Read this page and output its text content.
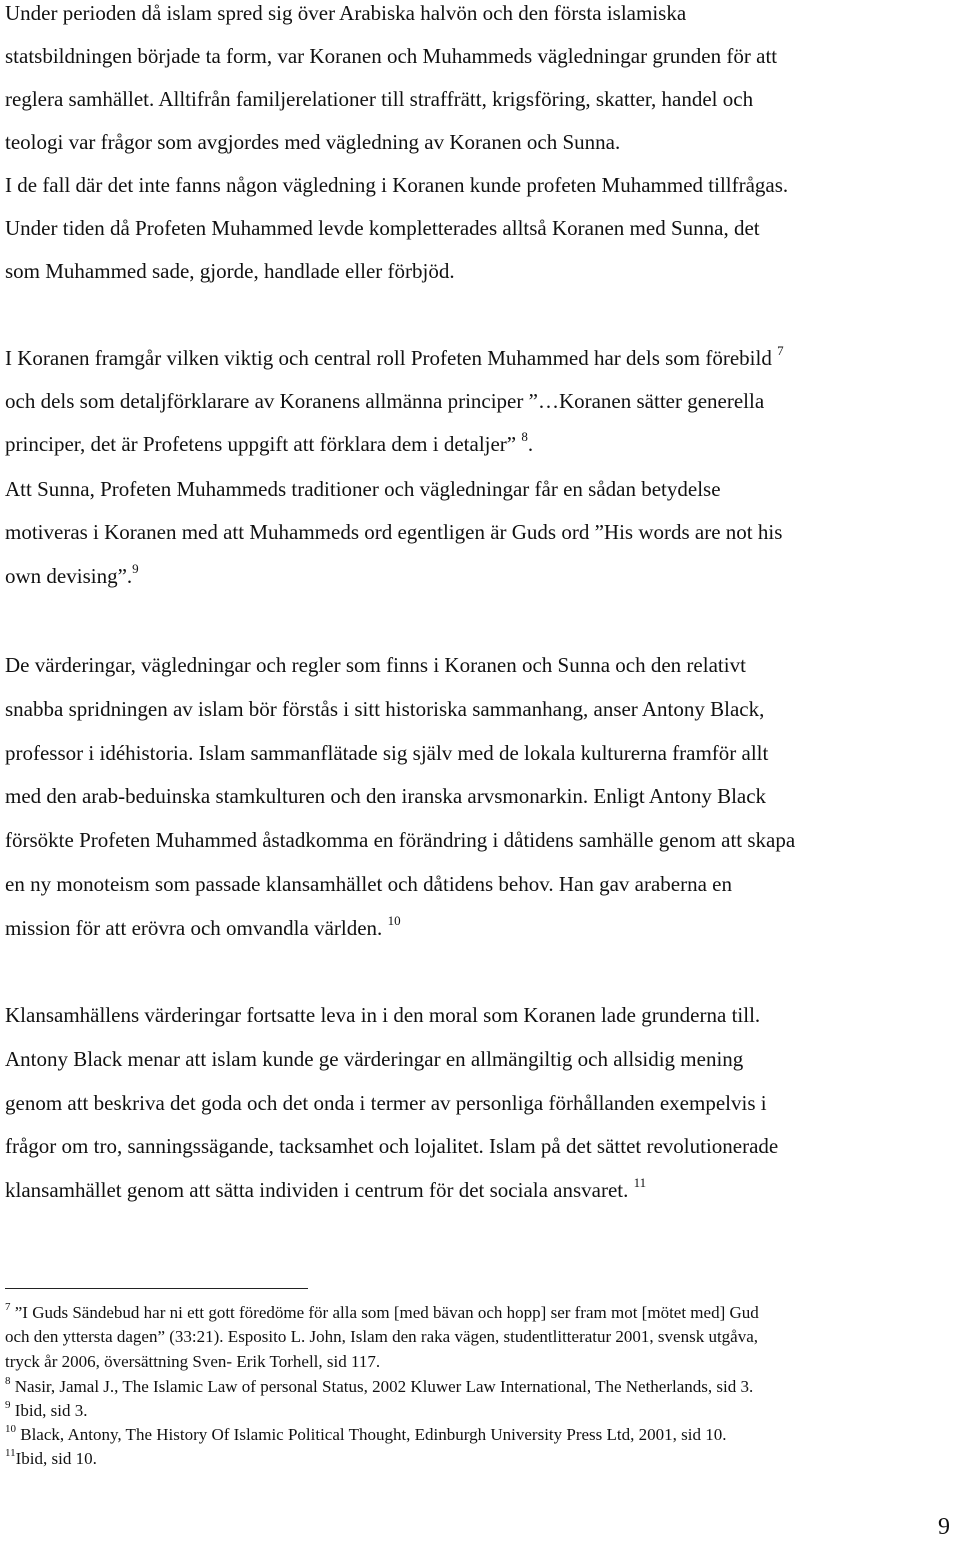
Under perioden då islam spred sig över Arabiska halvön och den första islamiska
statsbildningen började ta form, var Koranen och Muhammeds vägledningar grunden för att
reglera samhället. Alltifrån familjerelationer till straffrätt, krigsföring, skatter, handel och
teologi var frågor som avgjordes med vägledning av Koranen och Sunna.
I de fall där det inte fanns någon vägledning i Koranen kunde profeten Muhammed tillfrågas.
Under tiden då Profeten Muhammed levde kompletterades alltså Koranen med Sunna, det
som Muhammed sade, gjorde, handlade eller förbjöd.
I Koranen framgår vilken viktig och central roll Profeten Muhammed har dels som förebild $^7$
och dels som detaljförklarare av Koranens allmänna principer ”…Koranen sätter generella
principer, det är Profetens uppgift att förklara dem i detaljer” $^8$.
Att Sunna, Profeten Muhammeds traditioner och vägledningar får en sådan betydelse
motiveras i Koranen med att Muhammeds ord egentligen är Guds ord ”His words are not his
own devising”.$^9$
De värderingar, vägledningar och regler som finns i Koranen och Sunna och den relativt
snabba spridningen av islam bör förstås i sitt historiska sammanhang, anser Antony Black,
professor i idéhistoria. Islam sammanflätade sig själv med de lokala kulturerna framför allt
med den arab-beduinska stamkulturen och den iranska arvsmonarkin. Enligt Antony Black
försökte Profeten Muhammed åstadkomma en förändring i dåtidens samhälle genom att skapa
en ny monoteism som passade klansamhället och dåtidens behov. Han gav araberna en
mission för att erövra och omvandla världen. $^{10}$
Klansamhällens värderingar fortsatte leva in i den moral som Koranen lade grunderna till.
Antony Black menar att islam kunde ge värderingar en allmängiltig och allsidig mening
genom att beskriva det goda och det onda i termer av personliga förhållanden exempelvis i
frågor om tro, sanningssägande, tacksamhet och lojalitet. Islam på det sättet revolutionerade
klansamhället genom att sätta individen i centrum för det sociala ansvaret. $^{11}$
$^7$ ”I Guds Sändebud har ni ett gott föredöme för alla som [med bävan och hopp] ser fram mot [mötet med] Gud
och den yttersta dagen” (33:21). Esposito L. John, Islam den raka vägen, studentlitteratur 2001, svensk utgåva,
tryck år 2006, översättning Sven- Erik Torhell, sid 117.
$^8$ Nasir, Jamal J., The Islamic Law of personal Status, 2002 Kluwer Law International, The Netherlands, sid 3.
$^9$ Ibid, sid 3.
$^{10}$ Black, Antony, The History Of Islamic Political Thought, Edinburgh University Press Ltd, 2001, sid 10.
$^{11}$Ibid, sid 10.
9
